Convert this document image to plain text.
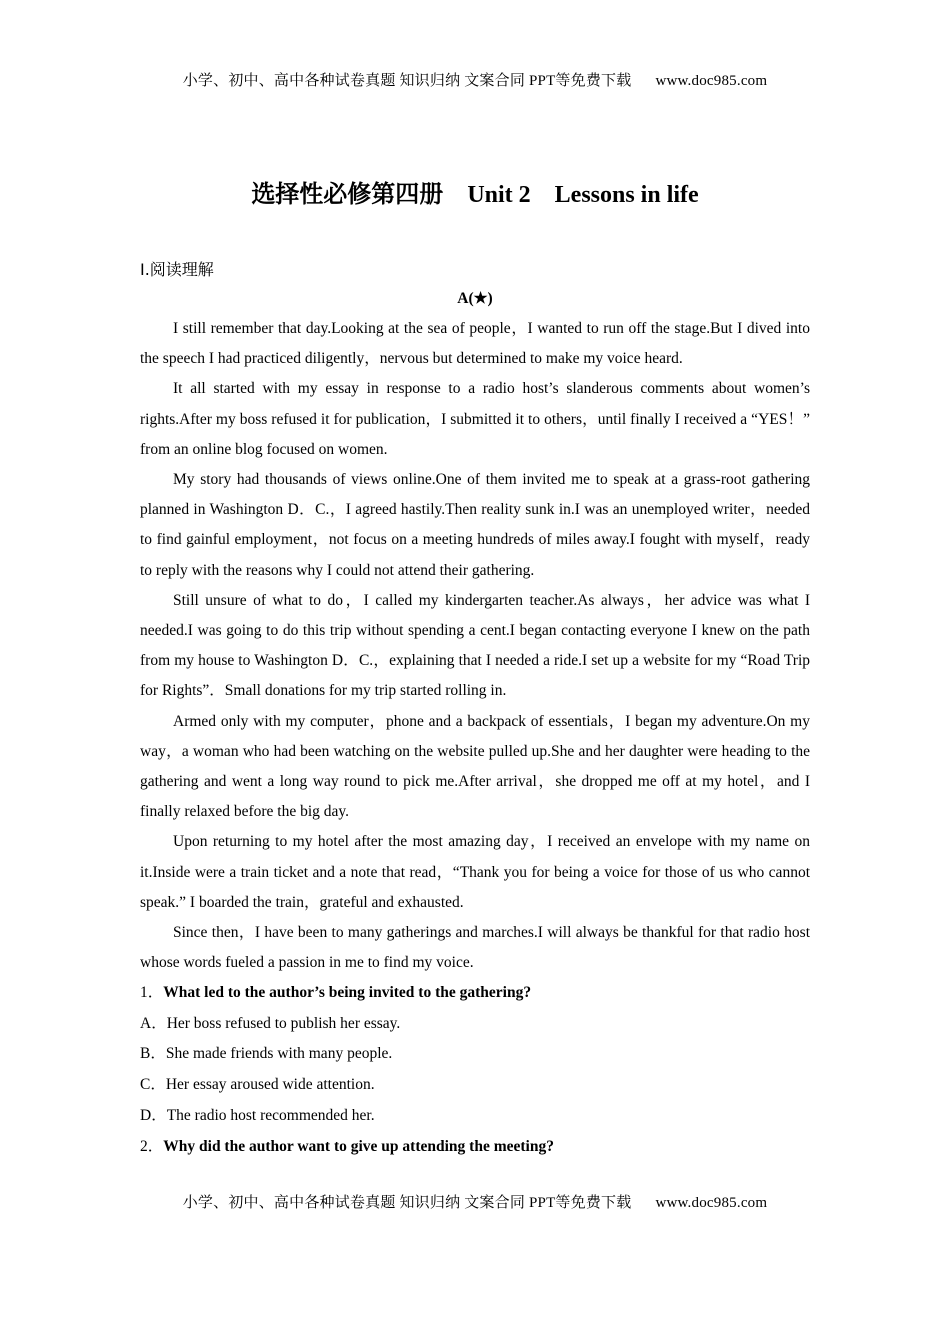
小学、初中、高中各种试卷真题 知识归纳 文案合同 PPT等免费下载 www.doc985.com
选择性必修第四册 Unit 2 Lessons in life
Ⅰ.阅读理解
A(★)

I still remember that day.Looking at the sea of people，I wanted to run off the stage.But I dived into the speech I had practiced diligently，nervous but determined to make my voice heard.

It all started with my essay in response to a radio host’s slanderous comments about women’s rights.After my boss refused it for publication，I submitted it to others，until finally I received a “YES！” from an online blog focused on women.

My story had thousands of views online.One of them invited me to speak at a grass-root gathering planned in Washington D．C.，I agreed hastily.Then reality sunk in.I was an unemployed writer，needed to find gainful employment，not focus on a meeting hundreds of miles away.I fought with myself，ready to reply with the reasons why I could not attend their gathering.

Still unsure of what to do，I called my kindergarten teacher.As always，her advice was what I needed.I was going to do this trip without spending a cent.I began contacting everyone I knew on the path from my house to Washington D．C.，explaining that I needed a ride.I set up a website for my “Road Trip for Rights”．Small donations for my trip started rolling in.

Armed only with my computer，phone and a backpack of essentials，I began my adventure.On my way，a woman who had been watching on the website pulled up.She and her daughter were heading to the gathering and went a long way round to pick me.After arrival，she dropped me off at my hotel，and I finally relaxed before the big day.

Upon returning to my hotel after the most amazing day，I received an envelope with my name on it.Inside were a train ticket and a note that read，“Thank you for being a voice for those of us who cannot speak.” I boarded the train，grateful and exhausted.

Since then，I have been to many gatherings and marches.I will always be thankful for that radio host whose words fueled a passion in me to find my voice.

1．What led to the author’s being invited to the gathering?
A．Her boss refused to publish her essay.
B．She made friends with many people.
C．Her essay aroused wide attention.
D．The radio host recommended her.
2．Why did the author want to give up attending the meeting?
小学、初中、高中各种试卷真题 知识归纳 文案合同 PPT等免费下载 www.doc985.com
